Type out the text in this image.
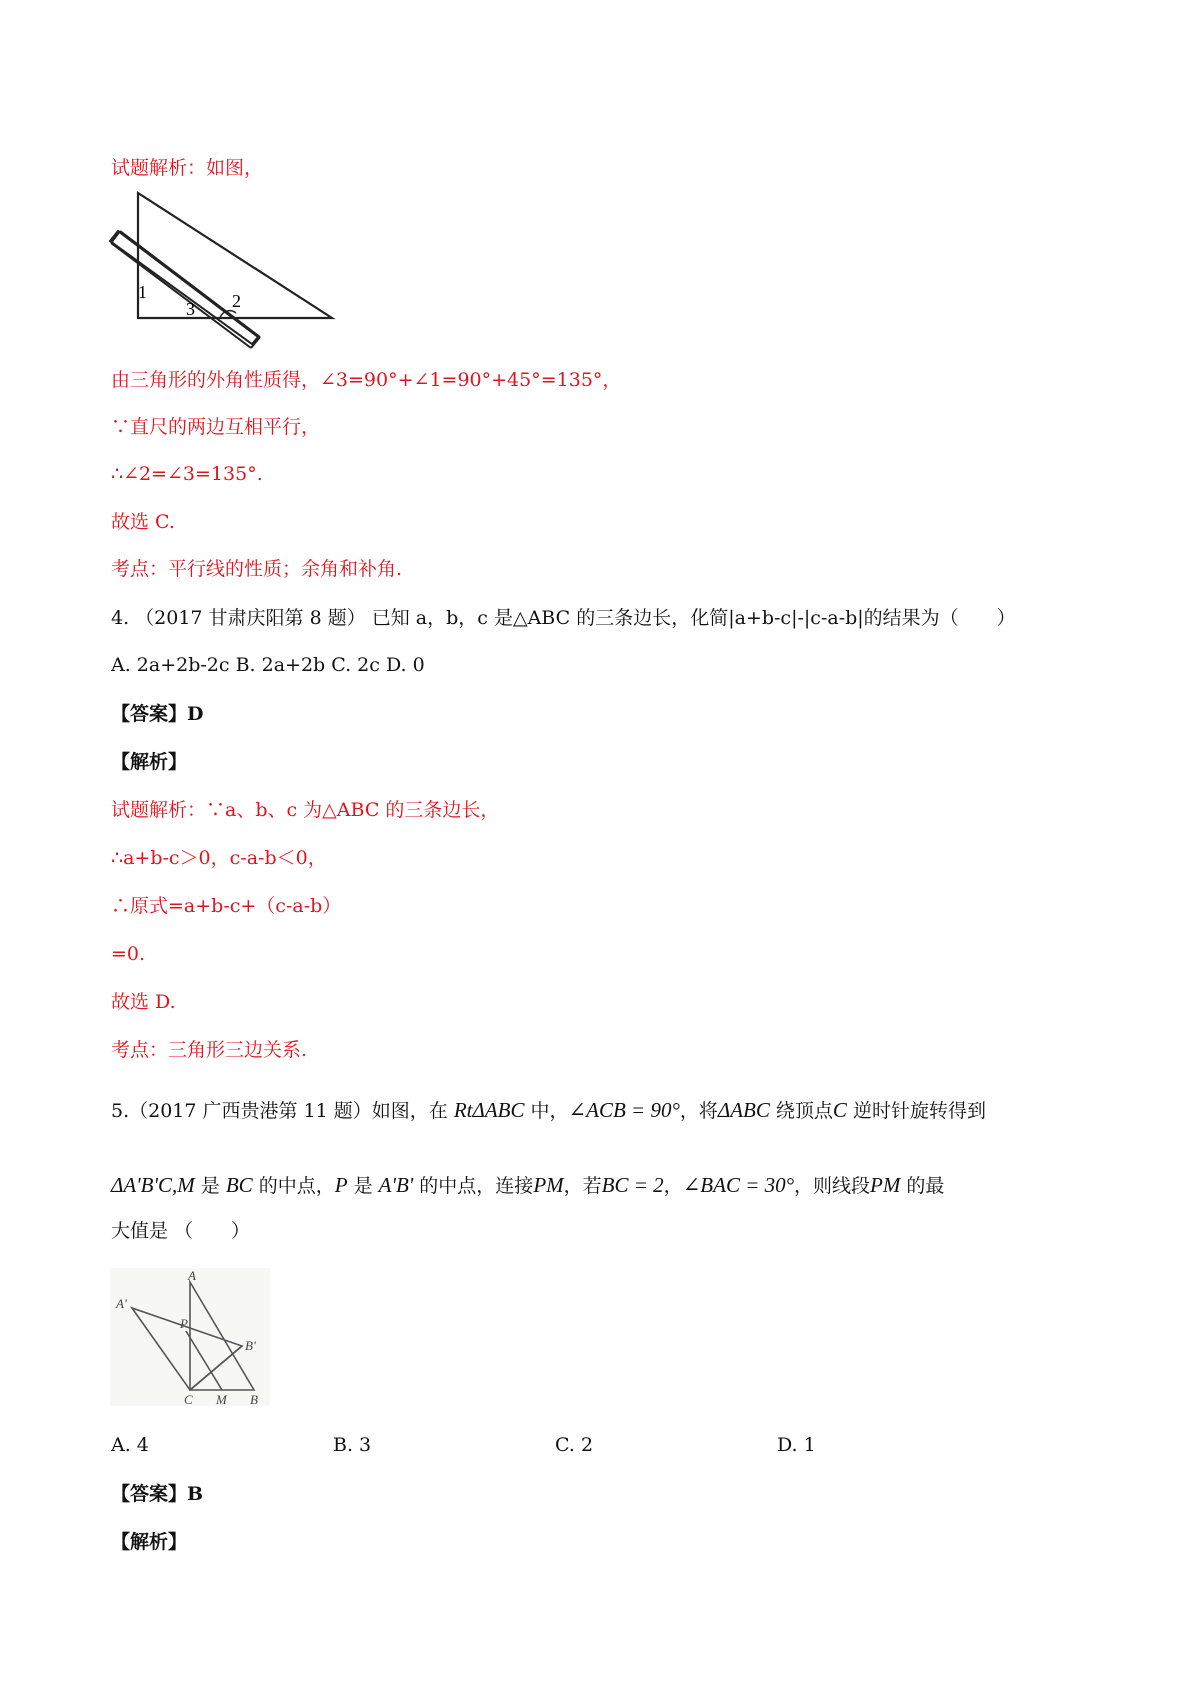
试题解析：如图，
1
3 2
由三角形的外角性质得，∠3=90°+∠1=90°+45°=135°，
∵直尺的两边互相平行，
∴∠2=∠3=135°.
故选 C.
考点：平行线的性质；余角和补角.
4. （2017 甘肃庆阳第 8 题） 已知 a，b，c 是△ABC 的三条边长，化简|a+b-c|-|c-a-b|的结果为（　　）
A. 2a+2b-2c B. 2a+2b C. 2c D. 0
【答案】D
【解析】
试题解析：∵a、b、c 为△ABC 的三条边长，
∴a+b-c＞0，c-a-b＜0，
∴原式=a+b-c+（c-a-b）
=0.
故选 D.
考点：三角形三边关系.
5.（2017 广西贵港第 11 题）如图，在 RtΔABC 中，∠ACB = 90°，将ΔABC 绕顶点C 逆时针旋转得到
ΔA'B'C,M 是 BC 的中点，P 是 A'B' 的中点，连接PM，若BC = 2，∠BAC = 30°，则线段PM 的最
大值是 （　　）
A
A'
P
B'
C M B
A. 4	B. 3	C. 2	D. 1
【答案】B
【解析】
